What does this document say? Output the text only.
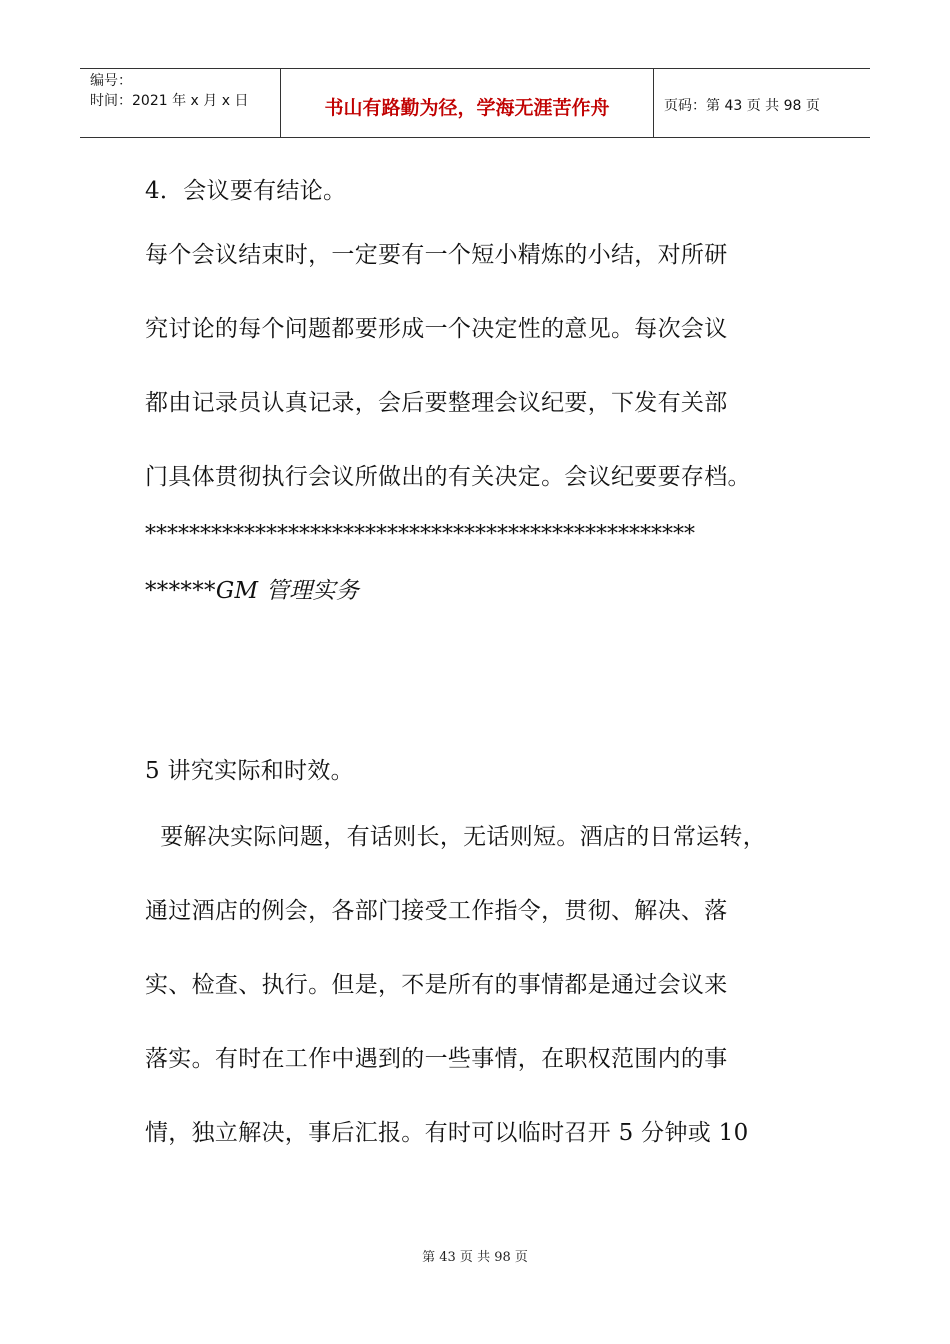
编号：
时间：2021 年 x 月 x 日	书山有路勤为径，学海无涯苦作舟	页码：第 43 页 共 98 页
4．会议要有结论。
每个会议结束时，一定要有一个短小精炼的小结，对所研
究讨论的每个问题都要形成一个决定性的意见。每次会议
都由记录员认真记录，会后要整理会议纪要，下发有关部
门具体贯彻执行会议所做出的有关决定。会议纪要要存档。
**************************************************
******GM 管理实务
5 讲究实际和时效。
要解决实际问题，有话则长，无话则短。酒店的日常运转，
通过酒店的例会，各部门接受工作指令，贯彻、解决、落
实、检查、执行。但是，不是所有的事情都是通过会议来
落实。有时在工作中遇到的一些事情，在职权范围内的事
情，独立解决，事后汇报。有时可以临时召开 5 分钟或 10
第 43 页 共 98 页
